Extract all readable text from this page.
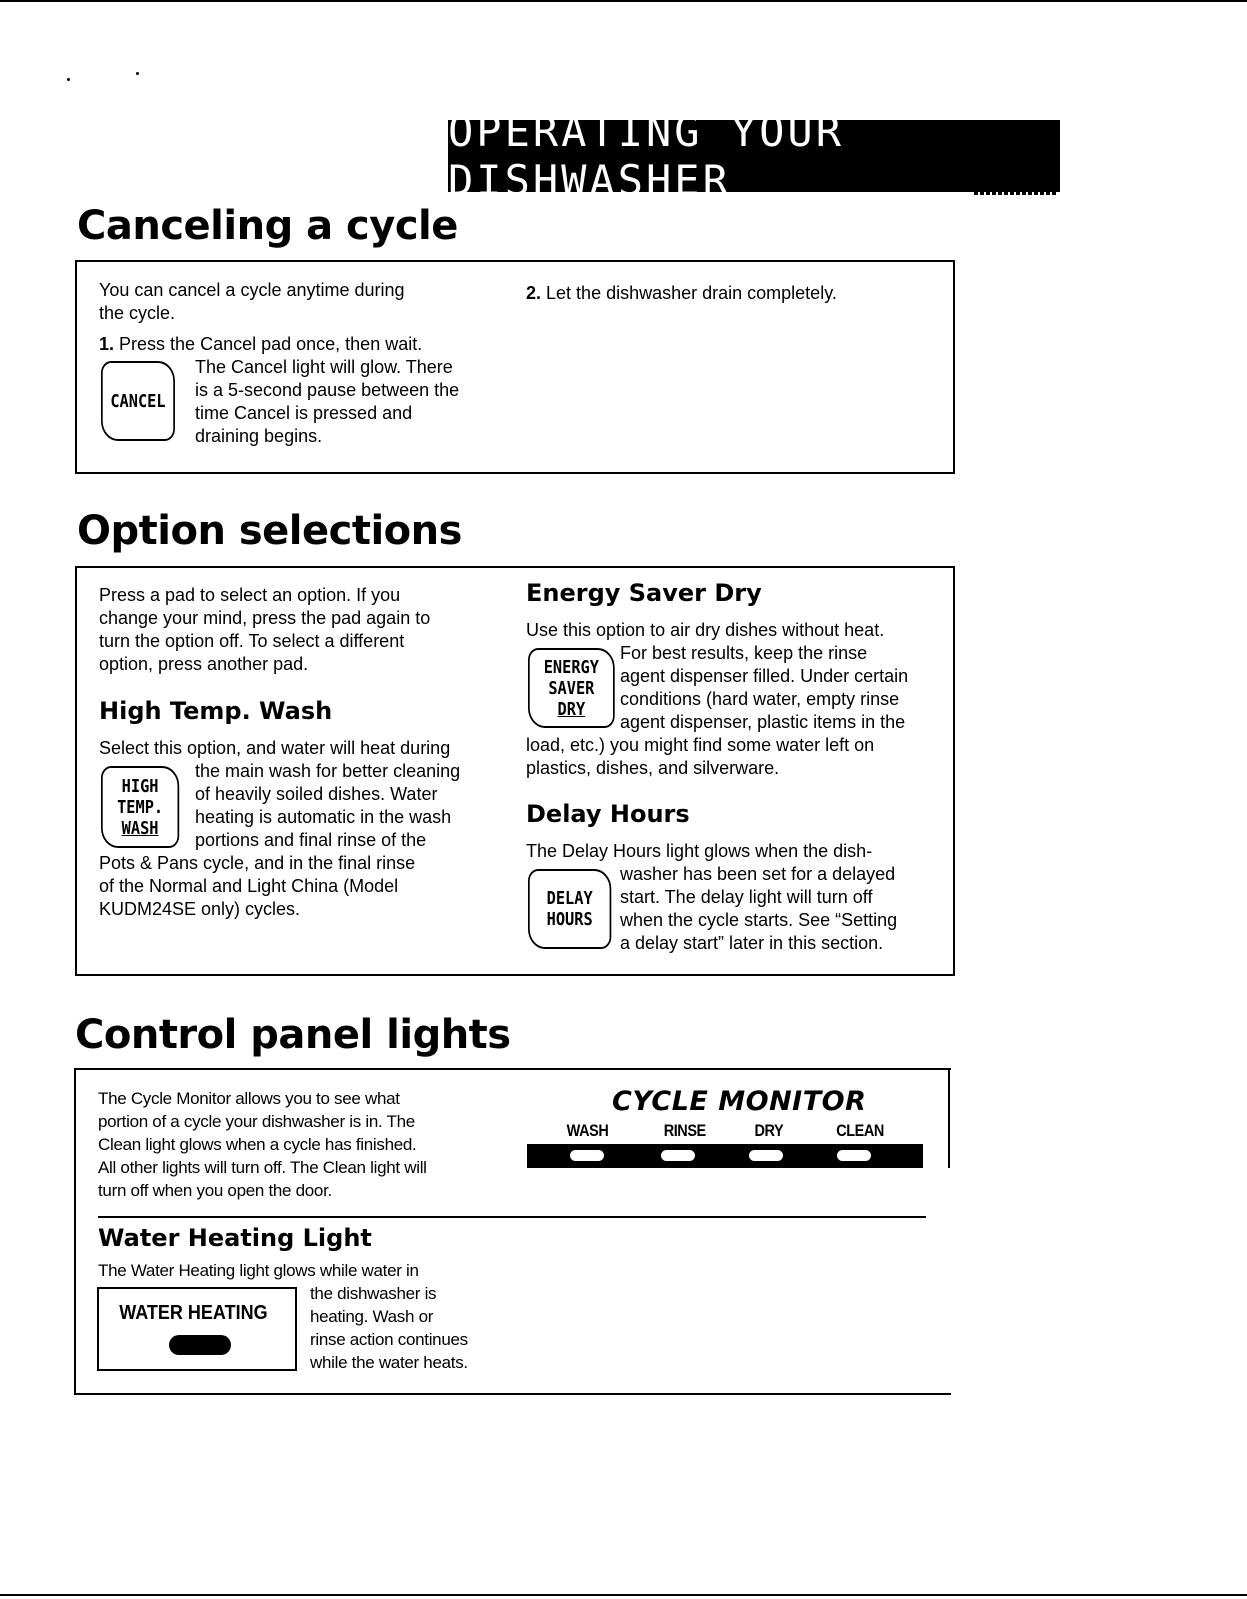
OPERATING YOUR DISHWASHER
Canceling a cycle
You can cancel a cycle anytime during
the cycle.
1. Press the Cancel pad once, then wait.
CANCEL
The Cancel light will glow. There
is a 5-second pause between the
time Cancel is pressed and
draining begins.
2. Let the dishwasher drain completely.
Option selections
Press a pad to select an option. If you
change your mind, press the pad again to
turn the option off. To select a different
option, press another pad.
High Temp. Wash
Select this option, and water will heat during
HIGH
TEMP.
WASH
the main wash for better cleaning
of heavily soiled dishes. Water
heating is automatic in the wash
portions and final rinse of the
Pots & Pans cycle, and in the final rinse
of the Normal and Light China (Model
KUDM24SE only) cycles.
Energy Saver Dry
Use this option to air dry dishes without heat.
ENERGY
SAVER
DRY
For best results, keep the rinse
agent dispenser filled. Under certain
conditions (hard water, empty rinse
agent dispenser, plastic items in the
load, etc.) you might find some water left on
plastics, dishes, and silverware.
Delay Hours
The Delay Hours light glows when the dish-
DELAY
HOURS
washer has been set for a delayed
start. The delay light will turn off
when the cycle starts. See “Setting
a delay start” later in this section.
Control panel lights
The Cycle Monitor allows you to see what
portion of a cycle your dishwasher is in. The
Clean light glows when a cycle has finished.
All other lights will turn off. The Clean light will
turn off when you open the door.
CYCLE MONITOR
WASH	RINSE	DRY	CLEAN
Water Heating Light
The Water Heating light glows while water in
WATER HEATING
the dishwasher is
heating. Wash or
rinse action continues
while the water heats.
